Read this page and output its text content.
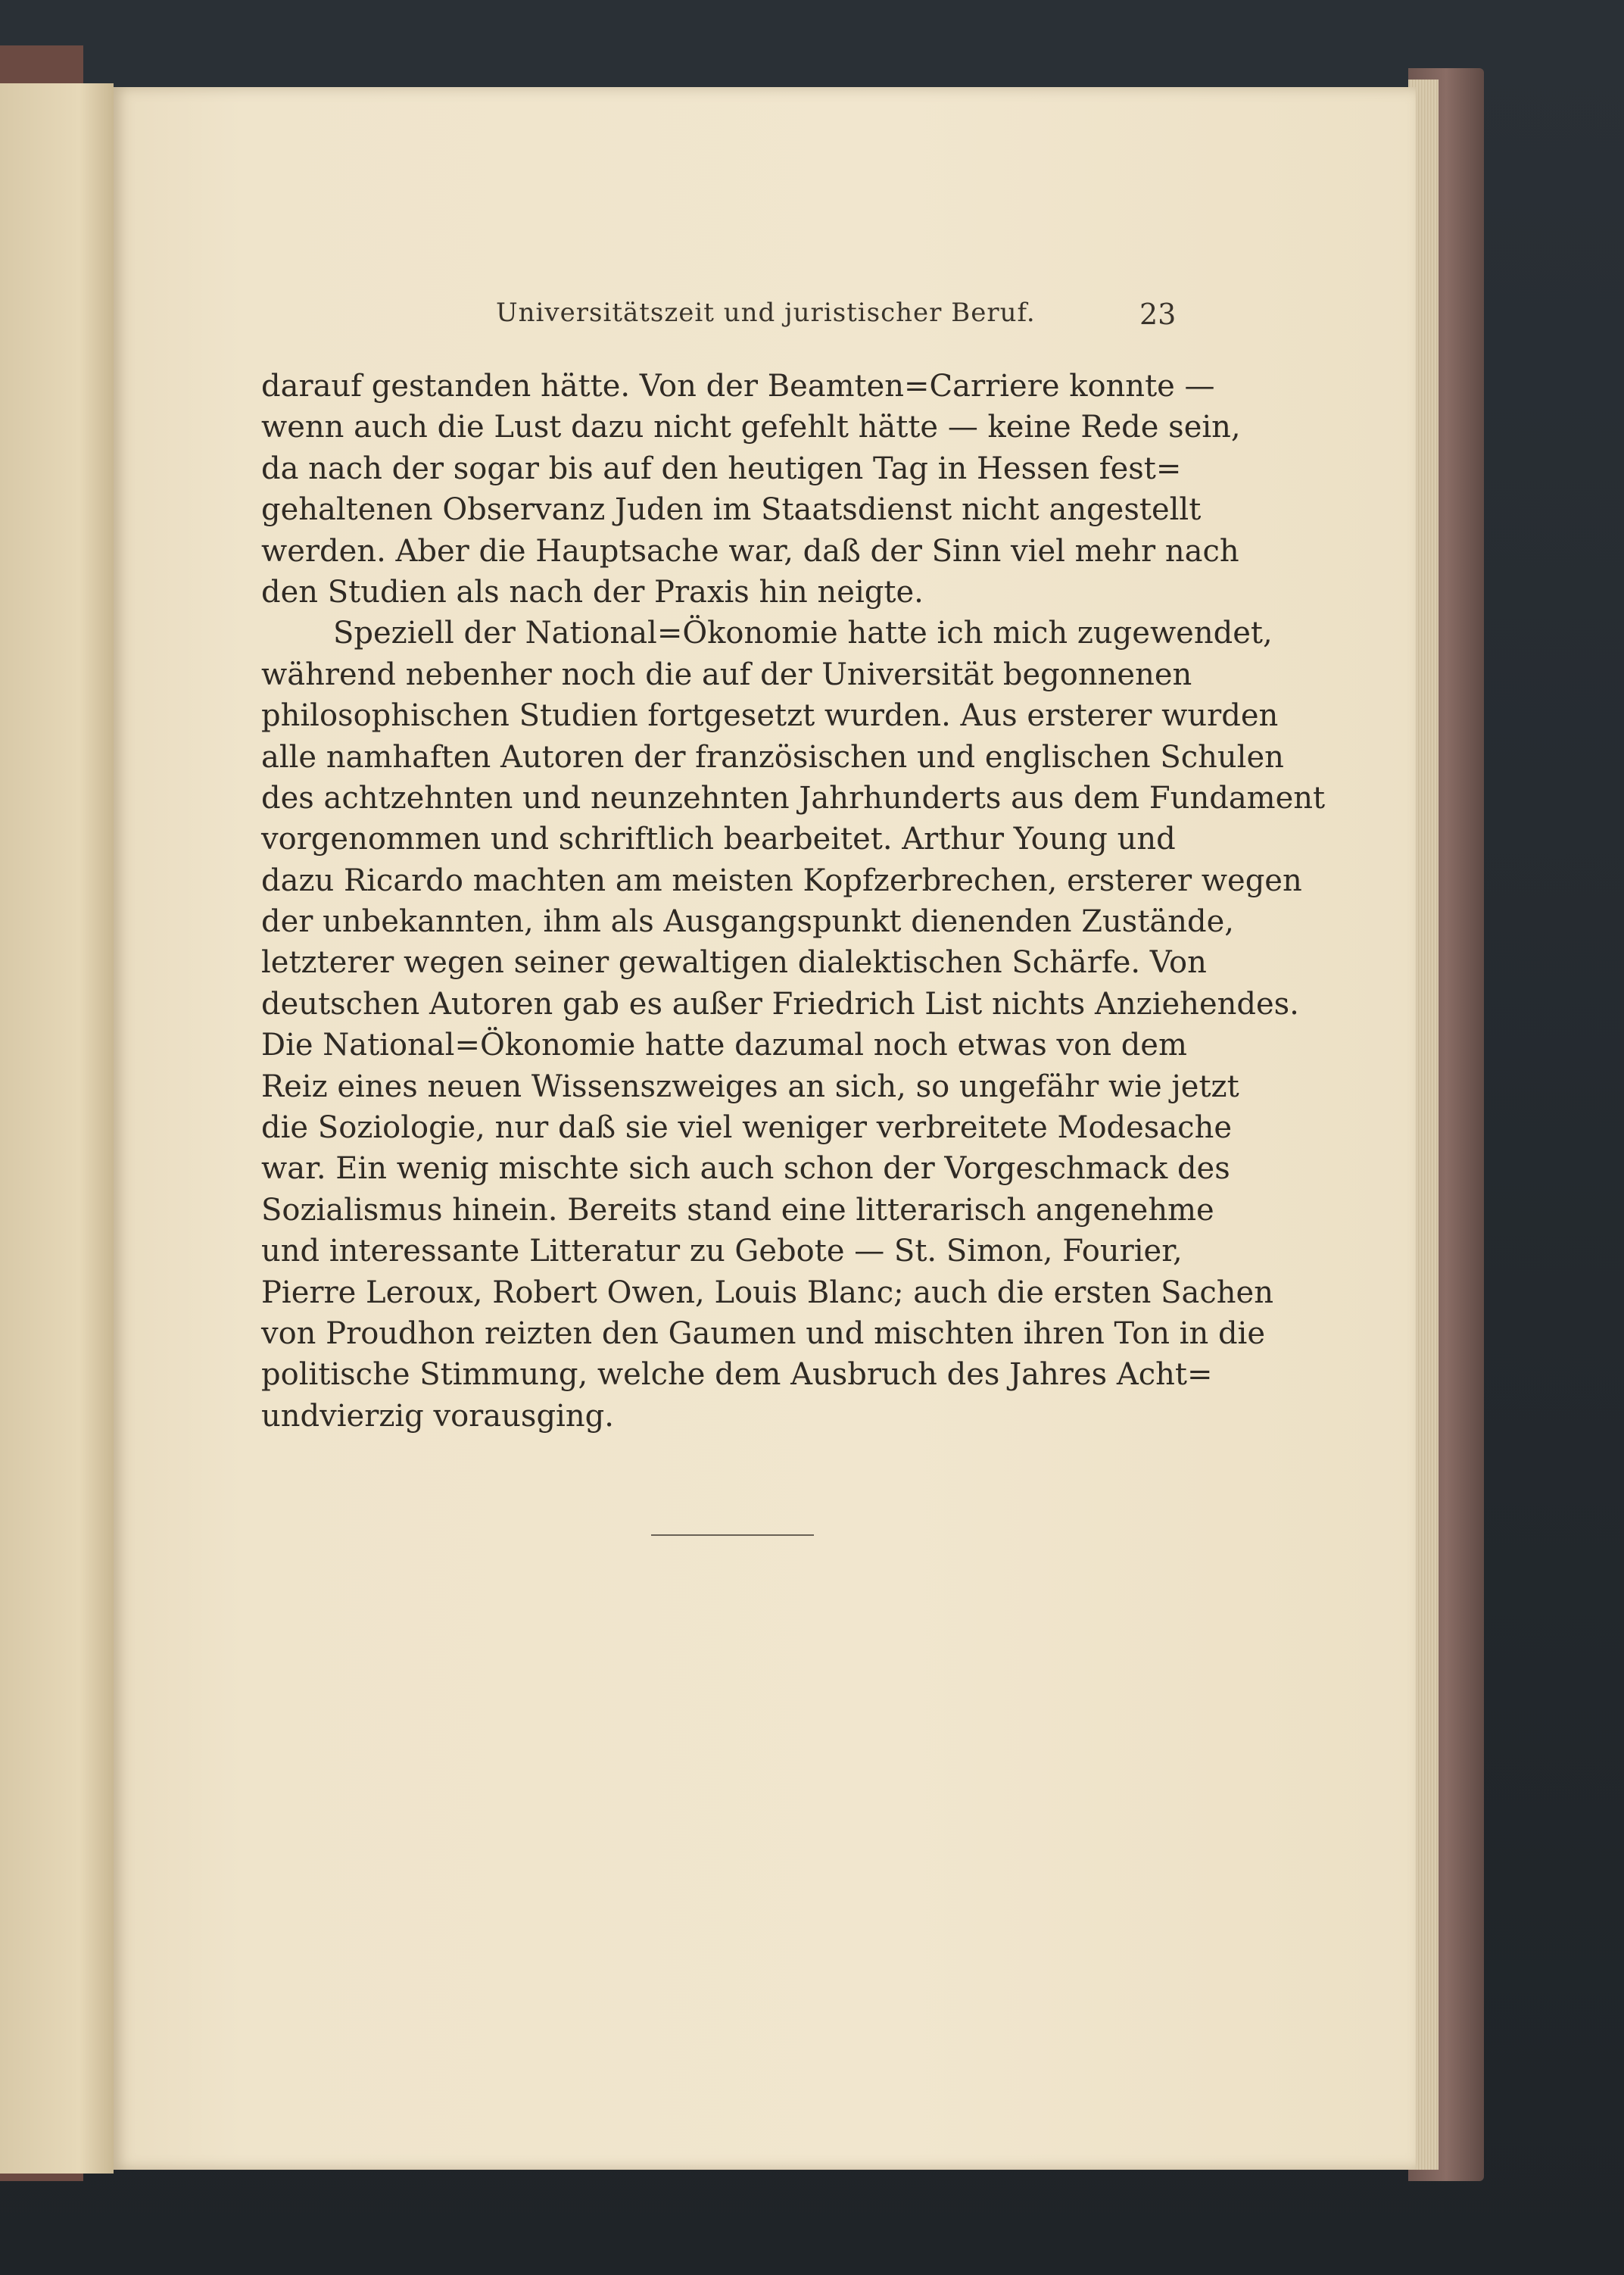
Universitätszeit und juristischer Beruf.	23
darauf gestanden hätte. Von der Beamten=Carriere konnte —
wenn auch die Lust dazu nicht gefehlt hätte — keine Rede sein,
da nach der sogar bis auf den heutigen Tag in Hessen fest=
gehaltenen Observanz Juden im Staatsdienst nicht angestellt
werden. Aber die Hauptsache war, daß der Sinn viel mehr nach
den Studien als nach der Praxis hin neigte.
Speziell der National=Ökonomie hatte ich mich zugewendet,
während nebenher noch die auf der Universität begonnenen
philosophischen Studien fortgesetzt wurden. Aus ersterer wurden
alle namhaften Autoren der französischen und englischen Schulen
des achtzehnten und neunzehnten Jahrhunderts aus dem Fundament
vorgenommen und schriftlich bearbeitet. Arthur Young und
dazu Ricardo machten am meisten Kopfzerbrechen, ersterer wegen
der unbekannten, ihm als Ausgangspunkt dienenden Zustände,
letzterer wegen seiner gewaltigen dialektischen Schärfe. Von
deutschen Autoren gab es außer Friedrich List nichts Anziehendes.
Die National=Ökonomie hatte dazumal noch etwas von dem
Reiz eines neuen Wissenszweiges an sich, so ungefähr wie jetzt
die Soziologie, nur daß sie viel weniger verbreitete Modesache
war. Ein wenig mischte sich auch schon der Vorgeschmack des
Sozialismus hinein. Bereits stand eine litterarisch angenehme
und interessante Litteratur zu Gebote — St. Simon, Fourier,
Pierre Leroux, Robert Owen, Louis Blanc; auch die ersten Sachen
von Proudhon reizten den Gaumen und mischten ihren Ton in die
politische Stimmung, welche dem Ausbruch des Jahres Acht=
undvierzig vorausging.
